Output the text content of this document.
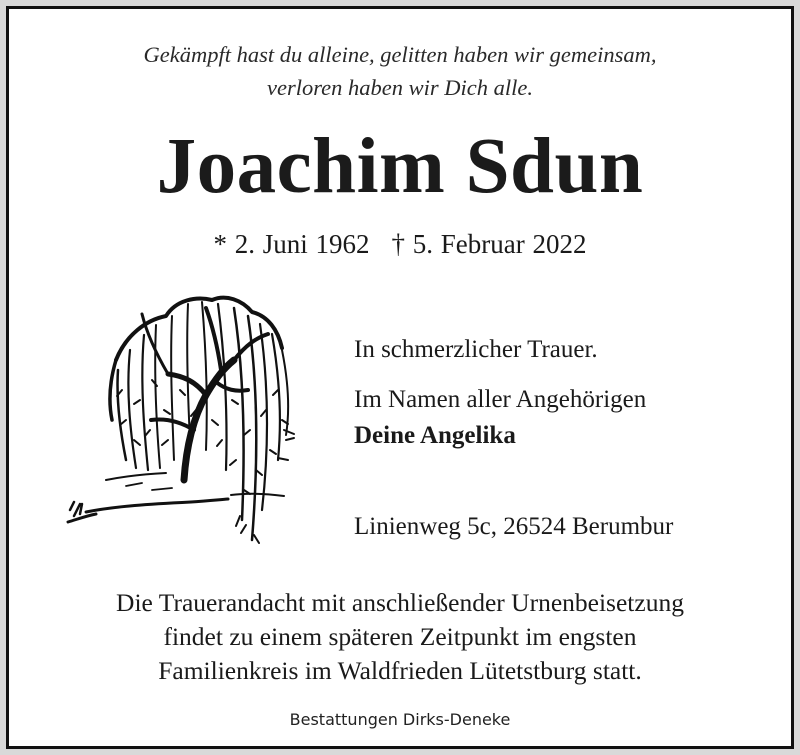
Gekämpft hast du alleine, gelitten haben wir gemeinsam,
verloren haben wir Dich alle.
Joachim Sdun
* 2. Juni 1962 † 5. Februar 2022
In schmerzlicher Trauer.
Im Namen aller Angehörigen
Deine Angelika
Linienweg 5c, 26524 Berumbur
Die Trauerandacht mit anschließender Urnenbeisetzung
findet zu einem späteren Zeitpunkt im engsten
Familienkreis im Waldfrieden Lütetstburg statt.
Bestattungen Dirks-Deneke
